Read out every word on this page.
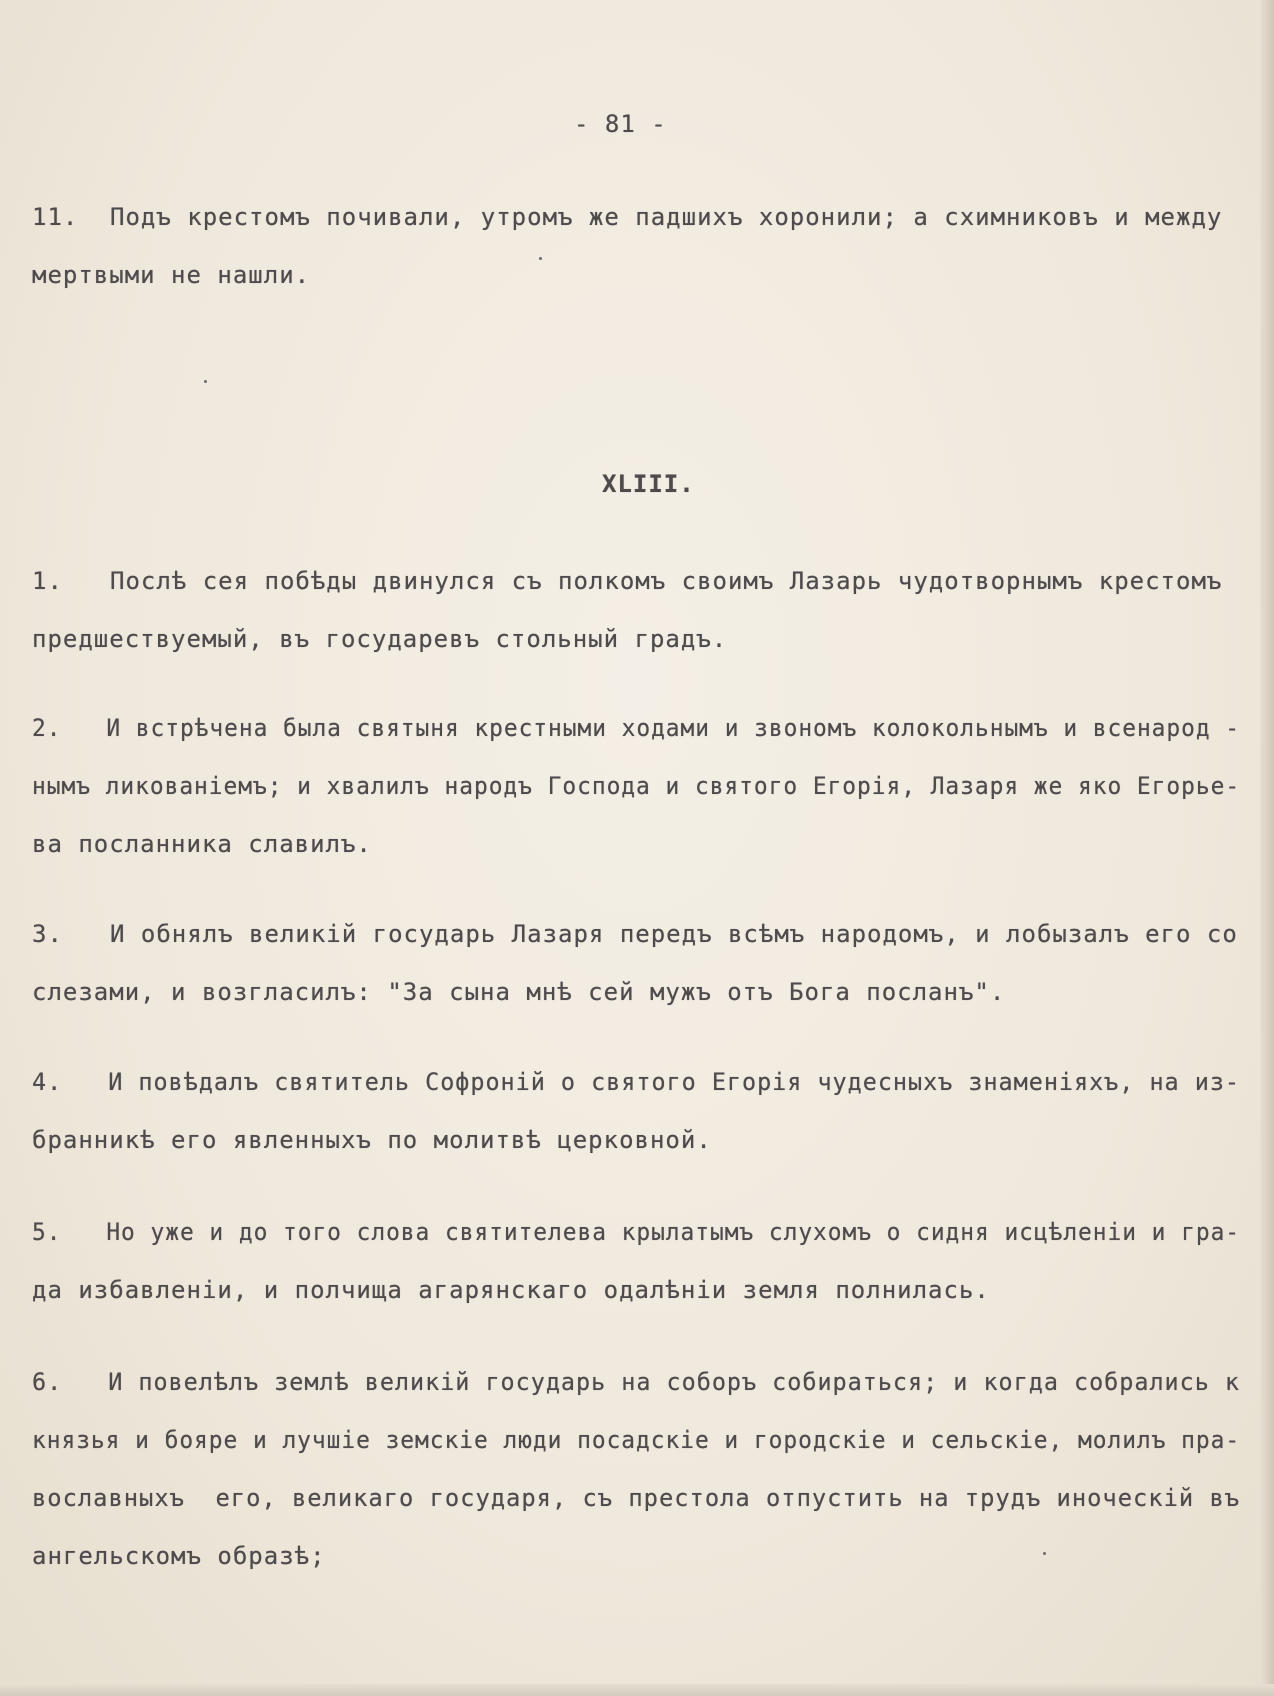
- 81 -
11. Подъ крестомъ почивали, утромъ же падшихъ хоронили; а схимниковъ и между
мертвыми не нашли.
XLIII.
1. Послѣ сея побѣды двинулся съ полкомъ своимъ Лазарь чудотворнымъ крестомъ
предшествуемый, въ государевъ стольный градъ.
2. И встрѣчена была святыня крестными ходами и звономъ колокольнымъ и всенарод -
нымъ ликованіемъ; и хвалилъ народъ Господа и святого Егорія, Лазаря же яко Егорье-
ва посланника славилъ.
3. И обнялъ великій государь Лазаря передъ всѣмъ народомъ, и лобызалъ его со
слезами, и возгласилъ: "За сына мнѣ сей мужъ отъ Бога посланъ".
4. И повѣдалъ святитель Софроній о святого Егорія чудесныхъ знаменіяхъ, на из-
бранникѣ его явленныхъ по молитвѣ церковной.
5. Но уже и до того слова святителева крылатымъ слухомъ о сидня исцѣленіи и гра-
да избавленіи, и полчища агарянскаго одалѣніи земля полнилась.
6. И повелѣлъ землѣ великій государь на соборъ собираться; и когда собрались к
князья и бояре и лучшіе земскіе люди посадскіе и городскіе и сельскіе, молилъ пра-
вославныхъ  его, великаго государя, съ престола отпустить на трудъ иноческій въ
ангельскомъ образѣ;
